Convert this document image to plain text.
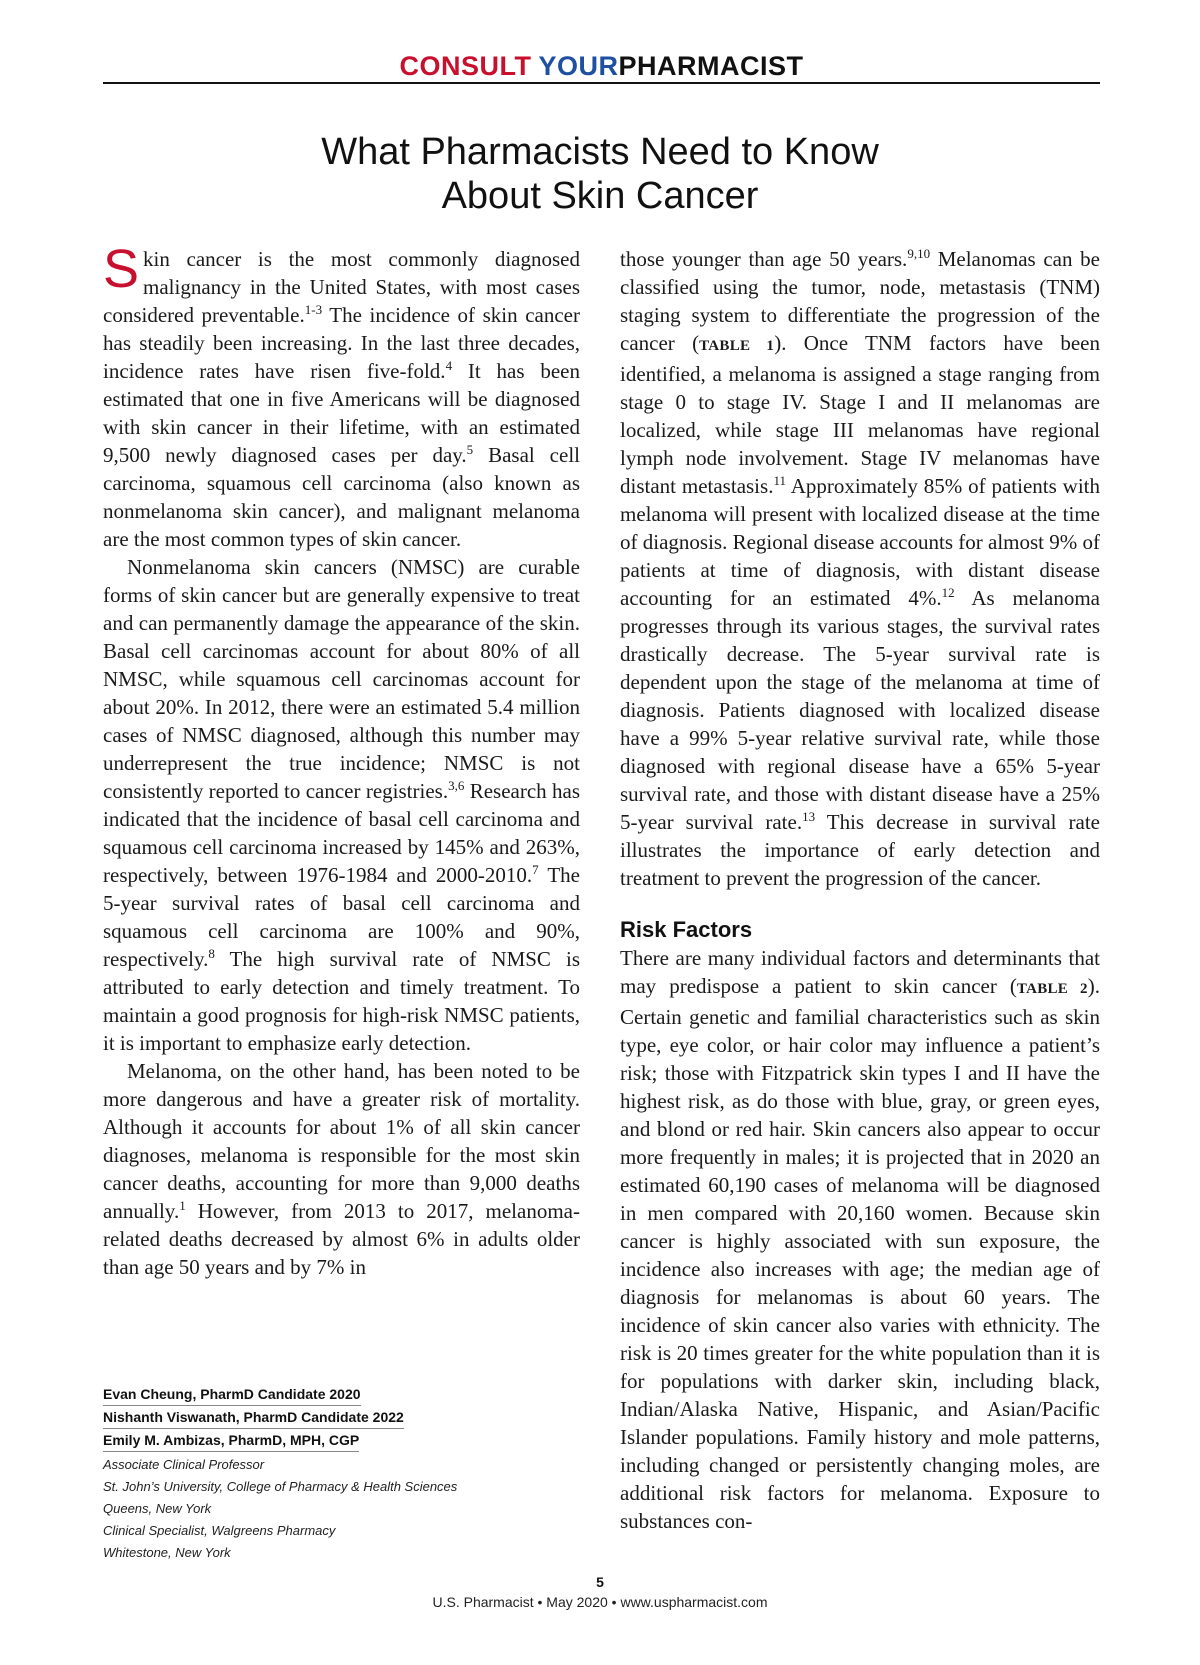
CONSULT YOURPHARMACIST
What Pharmacists Need to Know
About Skin Cancer

Skin cancer is the most commonly diagnosed malignancy in the United States, with most cases considered preventable.$^{1-3}$ The incidence of skin cancer has steadily been increasing. In the last three decades, incidence rates have risen five-fold.$^4$ It has been estimated that one in five Americans will be diagnosed with skin cancer in their lifetime, with an estimated 9,500 newly diagnosed cases per day.$^5$ Basal cell carcinoma, squamous cell carcinoma (also known as nonmelanoma skin cancer), and malignant melanoma are the most common types of skin cancer.

Nonmelanoma skin cancers (NMSC) are curable forms of skin cancer but are generally expensive to treat and can permanently damage the appearance of the skin. Basal cell carcinomas account for about 80% of all NMSC, while squamous cell carcinomas account for about 20%. In 2012, there were an estimated 5.4 million cases of NMSC diagnosed, although this number may underrepresent the true incidence; NMSC is not consistently reported to cancer registries.$^{3,6}$ Research has indicated that the incidence of basal cell carcinoma and squamous cell carcinoma increased by 145% and 263%, respectively, between 1976-1984 and 2000-2010.$^7$ The 5-year survival rates of basal cell carcinoma and squamous cell carcinoma are 100% and 90%, respectively.$^8$ The high survival rate of NMSC is attributed to early detection and timely treatment. To maintain a good prognosis for high-risk NMSC patients, it is important to emphasize early detection.

Melanoma, on the other hand, has been noted to be more dangerous and have a greater risk of mortality. Although it accounts for about 1% of all skin cancer diagnoses, melanoma is responsible for the most skin cancer deaths, accounting for more than 9,000 deaths annually.$^1$ However, from 2013 to 2017, melanoma-related deaths decreased by almost 6% in adults older than age 50 years and by 7% in

those younger than age 50 years.$^{9,10}$ Melanomas can be classified using the tumor, node, metastasis (TNM) staging system to differentiate the progression of the cancer (TABLE 1). Once TNM factors have been identified, a melanoma is assigned a stage ranging from stage 0 to stage IV. Stage I and II melanomas are localized, while stage III melanomas have regional lymph node involvement. Stage IV melanomas have distant metastasis.$^{11}$ Approximately 85% of patients with melanoma will present with localized disease at the time of diagnosis. Regional disease accounts for almost 9% of patients at time of diagnosis, with distant disease accounting for an estimated 4%.$^{12}$ As melanoma progresses through its various stages, the survival rates drastically decrease. The 5-year survival rate is dependent upon the stage of the melanoma at time of diagnosis. Patients diagnosed with localized disease have a 99% 5-year relative survival rate, while those diagnosed with regional disease have a 65% 5-year survival rate, and those with distant disease have a 25% 5-year survival rate.$^{13}$ This decrease in survival rate illustrates the importance of early detection and treatment to prevent the progression of the cancer.

Risk Factors

There are many individual factors and determinants that may predispose a patient to skin cancer (TABLE 2). Certain genetic and familial characteristics such as skin type, eye color, or hair color may influence a patient’s risk; those with Fitzpatrick skin types I and II have the highest risk, as do those with blue, gray, or green eyes, and blond or red hair. Skin cancers also appear to occur more frequently in males; it is projected that in 2020 an estimated 60,190 cases of melanoma will be diagnosed in men compared with 20,160 women. Because skin cancer is highly associated with sun exposure, the incidence also increases with age; the median age of diagnosis for melanomas is about 60 years. The incidence of skin cancer also varies with ethnicity. The risk is 20 times greater for the white population than it is for populations with darker skin, including black, Indian/Alaska Native, Hispanic, and Asian/Pacific Islander populations. Family history and mole patterns, including changed or persistently changing moles, are additional risk factors for melanoma. Exposure to substances con-

Evan Cheung, PharmD Candidate 2020
Nishanth Viswanath, PharmD Candidate 2022
Emily M. Ambizas, PharmD, MPH, CGP
Associate Clinical Professor
St. John’s University, College of Pharmacy & Health Sciences
Queens, New York
Clinical Specialist, Walgreens Pharmacy
Whitestone, New York
5
U.S. Pharmacist • May 2020 • www.uspharmacist.com
